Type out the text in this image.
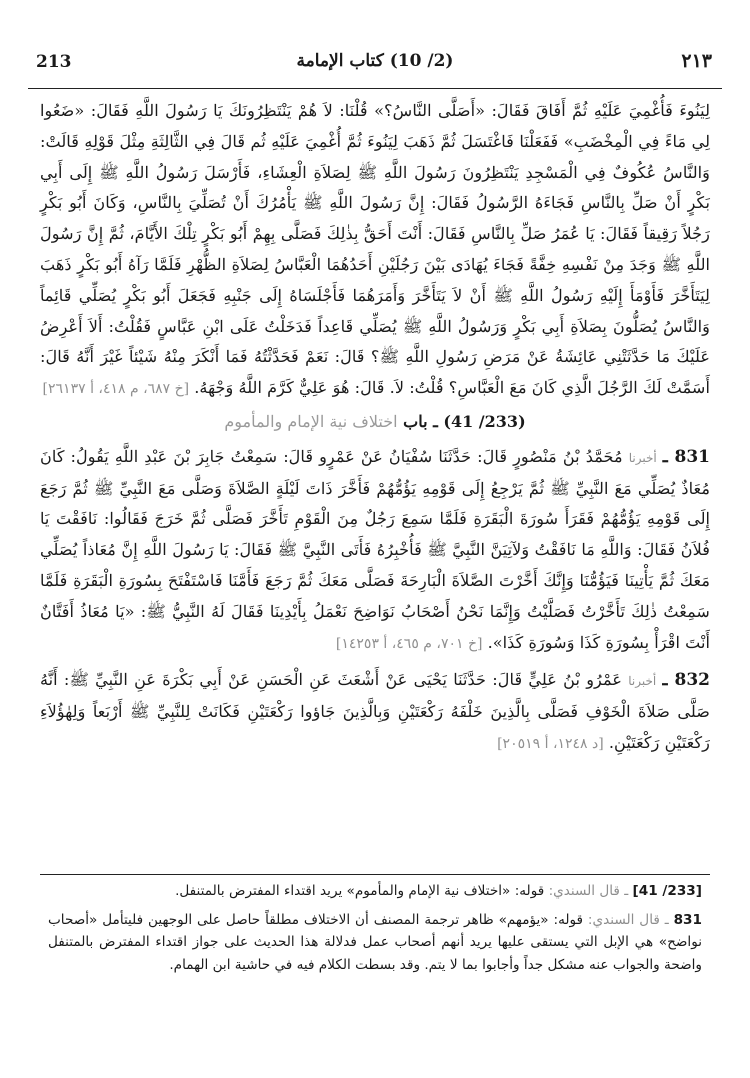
213	(2/ 10) كتاب الإمامة	٢١٣

لِيَنُوءَ فَأُغْمِيَ عَلَيْهِ ثُمَّ أَفَاقَ فَقَالَ: «أَصَلَّى النَّاسُ؟» قُلْنَا: لاَ هُمْ يَنْتَظِرُونَكَ يَا رَسُولَ اللَّهِ فَقَالَ: «ضَعُوا لِي مَاءً فِي الْمِخْضَبِ» فَفَعَلْنَا فَاغْتَسَلَ ثُمَّ ذَهَبَ لِيَنُوءَ ثُمَّ أُغْمِيَ عَلَيْهِ ثُم قَالَ فِي الثَّالِثَةِ مِثْلَ قَوْلِهِ قَالَتْ: وَالنَّاسُ عُكُوفٌ فِي الْمَسْجِدِ يَنْتَظِرُونَ رَسُولَ اللَّهِ ﷺ لِصَلاَةِ الْعِشَاءِ، فَأَرْسَلَ رَسُولُ اللَّهِ ﷺ إِلَى أَبِي بَكْرٍ أَنْ صَلِّ بِالنَّاسِ فَجَاءَهُ الرَّسُولُ فَقَالَ: إِنَّ رَسُولَ اللَّهِ ﷺ يَأْمُرُكَ أَنْ تُصَلِّيَ بِالنَّاسِ، وَكَانَ أَبُو بَكْرٍ رَجُلاً رَقِيقاً فَقَالَ: يَا عُمَرُ صَلِّ بِالنَّاسِ فَقَالَ: أَنْتَ أَحَقُّ بِذٰلِكَ فَصَلَّى بِهِمْ أَبُو بَكْرٍ تِلْكَ الأَيَّامَ، ثُمَّ إِنَّ رَسُولَ اللَّهِ ﷺ وَجَدَ مِنْ نَفْسِهِ خِفَّةً فَجَاءَ يُهَادَى بَيْنَ رَجُلَيْنِ أَحَدُهُمَا الْعَبَّاسُ لِصَلاَةِ الظُّهْرِ فَلَمَّا رَآهُ أَبُو بَكْرٍ ذَهَبَ لِيَتَأَخَّرَ فَأَوْمَأَ إِلَيْهِ رَسُولُ اللَّهِ ﷺ أَنْ لاَ يَتَأَخَّرَ وَأَمَرَهُمَا فَأَجْلَسَاهُ إِلَى جَنْبِهِ فَجَعَلَ أَبُو بَكْرٍ يُصَلِّي قَائِماً وَالنَّاسُ يُصَلُّونَ بِصَلاَةِ أَبِي بَكْرٍ وَرَسُولُ اللَّهِ ﷺ يُصَلِّي قَاعِداً فَدَخَلْتُ عَلَى ابْنِ عَبَّاسٍ فَقُلْتُ: أَلاَ أَعْرِضُ عَلَيْكَ مَا حَدَّثَتْنِي عَائِشَةُ عَنْ مَرَضِ رَسُولِ اللَّهِ ﷺ؟ قَالَ: نَعَمْ فَحَدَّثْتُهُ فَمَا أَنْكَرَ مِنْهُ شَيْئاً غَيْرَ أَنَّهُ قَالَ: أَسَمَّتْ لَكَ الرَّجُلَ الَّذِي كَانَ مَعَ الْعَبَّاسِ؟ قُلْتُ: لاَ. قَالَ: هُوَ عَلِيٌّ كَرَّمَ اللَّهُ وَجْهَهُ. [خ ٦٨٧، م ٤١٨، أ ٢٦١٣٧]

(233/ 41) ـ باب اختلاف نية الإمام والمأموم

831 ـ أخبرنا مُحَمَّدُ بْنُ مَنْصُورٍ قَالَ: حَدَّثَنَا سُفْيَانُ عَنْ عَمْرٍو قَالَ: سَمِعْتُ جَابِرَ بْنَ عَبْدِ اللَّهِ يَقُولُ: كَانَ مُعَاذٌ يُصَلِّي مَعَ النَّبِيِّ ﷺ ثُمَّ يَرْجِعُ إِلَى قَوْمِهِ يَؤُمُّهُمْ فَأَخَّرَ ذَاتَ لَيْلَةٍ الصَّلاَةَ وَصَلَّى مَعَ النَّبِيِّ ﷺ ثُمَّ رَجَعَ إِلَى قَوْمِهِ يَؤُمُّهُمْ فَقَرَأَ سُورَةَ الْبَقَرَةِ فَلَمَّا سَمِعَ رَجُلٌ مِنَ الْقَوْمِ تَأَخَّرَ فَصَلَّى ثُمَّ خَرَجَ فَقَالُوا: نَافَقْتَ يَا فُلاَنُ فَقَالَ: وَاللَّهِ مَا نَافَقْتُ وَلآتِيَنَّ النَّبِيَّ ﷺ فَأُخْبِرُهُ فَأَتَى النَّبِيَّ ﷺ فَقَالَ: يَا رَسُولَ اللَّهِ إِنَّ مُعَاذاً يُصَلِّي مَعَكَ ثُمَّ يَأْتِينَا فَيَؤُمُّنَا وَإِنَّكَ أَخَّرْتَ الصَّلاَةَ الْبَارِحَةَ فَصَلَّى مَعَكَ ثُمَّ رَجَعَ فَأَمَّنَا فَاسْتَفْتَحَ بِسُورَةِ الْبَقَرَةِ فَلَمَّا سَمِعْتُ ذٰلِكَ تَأَخَّرْتُ فَصَلَّيْتُ وَإِنَّمَا نَحْنُ أَصْحَابُ نَوَاضِحَ نَعْمَلُ بِأَيْدِينَا فَقَالَ لَهُ النَّبِيُّ ﷺ: «يَا مُعَاذُ أَفَتَّانٌ أَنْتَ اقْرَأْ بِسُورَةِ كَذَا وَسُورَةِ كَذَا». [خ ٧٠١، م ٤٦٥، أ ١٤٢٥٣]

832 ـ أخبرنا عَمْرُو بْنُ عَلِيٍّ قَالَ: حَدَّثَنَا يَحْيَى عَنْ أَشْعَثَ عَنِ الْحَسَنِ عَنْ أَبِي بَكْرَةَ عَنِ النَّبِيِّ ﷺ: أَنَّهُ صَلَّى صَلاَةَ الْخَوْفِ فَصَلَّى بِالَّذِينَ خَلْفَهُ رَكْعَتَيْنِ وَبِالَّذِينَ جَاؤوا رَكْعَتَيْنِ فَكَانَتْ لِلنَّبِيِّ ﷺ أَرْبَعاً وَلِهٰؤُلاَءِ رَكْعَتَيْنِ رَكْعَتَيْنِ. [د ١٢٤٨، أ ٢٠٥١٩]

[233/ 41] ـ قال السندي: قوله: «اختلاف نية الإمام والمأموم» يريد اقتداء المفترض بالمتنفل.

831 ـ قال السندي: قوله: «يؤمهم» ظاهر ترجمة المصنف أن الاختلاف مطلقاً حاصل على الوجهين فليتأمل «أصحاب نواضح» هي الإبل التي يستقى عليها يريد أنهم أصحاب عمل فدلالة هذا الحديث على جواز اقتداء المفترض بالمتنفل واضحة والجواب عنه مشكل جداً وأجابوا بما لا يتم. وقد بسطت الكلام فيه في حاشية ابن الهمام.
